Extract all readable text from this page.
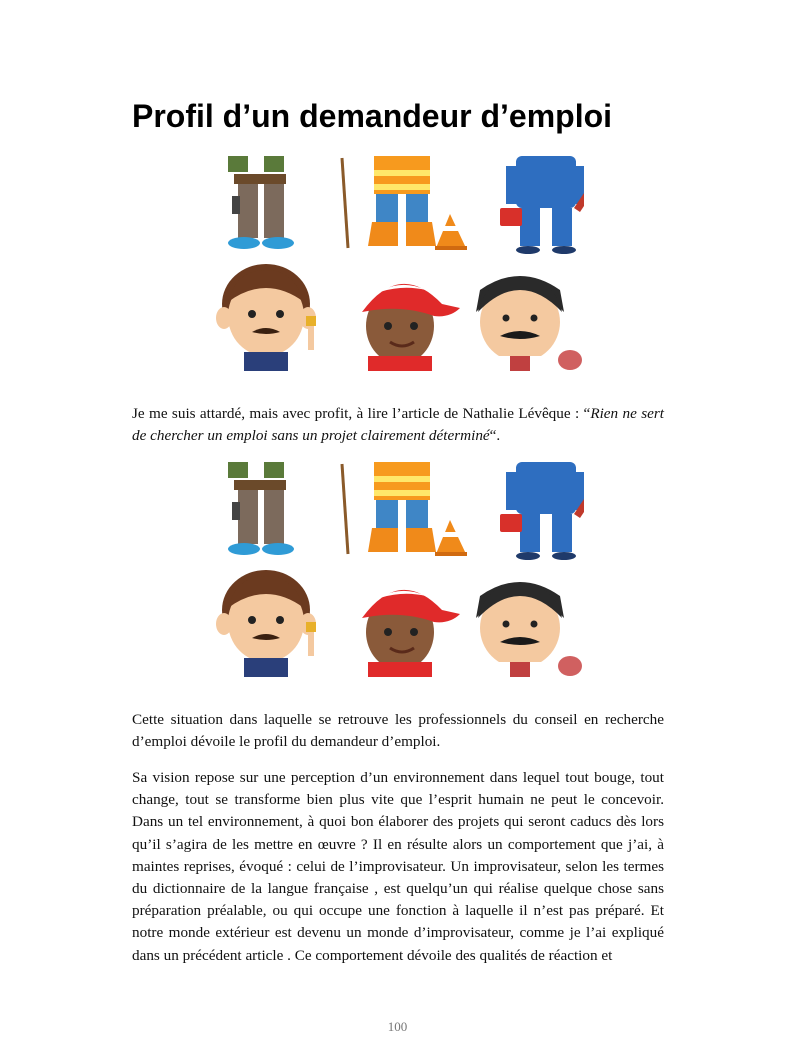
Profil d’un demandeur d’emploi

Je me suis attardé, mais avec profit, à lire l’article de Nathalie Lévêque : “Rien ne sert de chercher un emploi sans un projet clairement déterminé“.

Cette situation dans laquelle se retrouve les professionnels du conseil en recherche d’emploi dévoile le profil du demandeur d’emploi.

Sa vision repose sur une perception d’un environnement dans lequel tout bouge, tout change, tout se transforme bien plus vite que l’esprit humain ne peut le concevoir. Dans un tel environnement, à quoi bon élaborer des projets qui seront caducs dès lors qu’il s’agira de les mettre en œuvre ? Il en résulte alors un comportement que j’ai, à maintes reprises, évoqué : celui de l’improvisateur. Un improvisateur, selon les termes du dictionnaire de la langue française , est quelqu’un qui réalise quelque chose sans préparation préalable, ou qui occupe une fonction à laquelle il n’est pas préparé. Et notre monde extérieur est devenu un monde d’improvisateur, comme je l’ai expliqué dans un précédent article . Ce comportement dévoile des qualités de réaction et

100
